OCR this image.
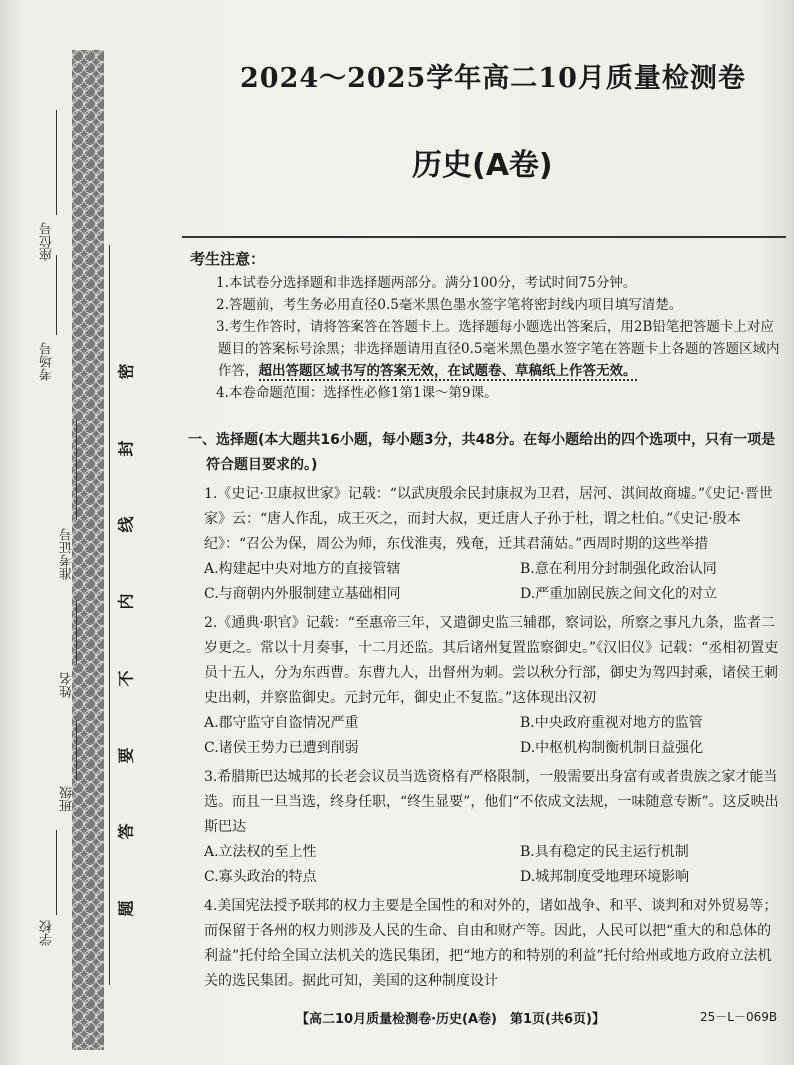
座位号
考场号
准考证号
姓名
班级
学校
密
封
线
内
不
要
答
题
2024～2025学年高二10月质量检测卷
历史(A卷)
考生注意：
1.本试卷分选择题和非选择题两部分。满分100分，考试时间75分钟。
2.答题前，考生务必用直径0.5毫米黑色墨水签字笔将密封线内项目填写清楚。
3.考生作答时，请将答案答在答题卡上。选择题每小题选出答案后，用2B铅笔把答题卡上对应题目的答案标号涂黑；非选择题请用直径0.5毫米黑色墨水签字笔在答题卡上各题的答题区域内作答，超出答题区域书写的答案无效，在试题卷、草稿纸上作答无效。
4.本卷命题范围：选择性必修1第1课～第9课。
一、选择题(本大题共16小题，每小题3分，共48分。在每小题给出的四个选项中，只有一项是
符合题目要求的。)
1.《史记·卫康叔世家》记载：“以武庚殷余民封康叔为卫君，居河、淇间故商墟。”《史记·晋世家》云：“唐人作乱，成王灭之，而封大叔，更迁唐人子孙于杜，谓之杜伯。”《史记·殷本纪》：“召公为保，周公为师，东伐淮夷，残奄，迁其君蒲姑。”西周时期的这些举措
A.构建起中央对地方的直接管辖	B.意在利用分封制强化政治认同
C.与商朝内外服制建立基础相同	D.严重加剧民族之间文化的对立
2.《通典·职官》记载：“至惠帝三年，又遣御史监三辅郡，察词讼，所察之事凡九条，监者二岁更之。常以十月奏事，十二月还监。其后诸州复置监察御史。”《汉旧仪》记载：“丞相初置吏员十五人，分为东西曹。东曹九人，出督州为刺。尝以秋分行部，御史为驾四封乘，诸侯王刺史出刺，并察监御史。元封元年，御史止不复监。”这体现出汉初
A.郡守监守自盗情况严重	B.中央政府重视对地方的监管
C.诸侯王势力已遭到削弱	D.中枢机构制衡机制日益强化
3.希腊斯巴达城邦的长老会议员当选资格有严格限制，一般需要出身富有或者贵族之家才能当选。而且一旦当选，终身任职，“终生显要”，他们“不依成文法规，一味随意专断”。这反映出斯巴达
A.立法权的至上性	B.具有稳定的民主运行机制
C.寡头政治的特点	D.城邦制度受地理环境影响
4.美国宪法授予联邦的权力主要是全国性的和对外的，诸如战争、和平、谈判和对外贸易等；而保留于各州的权力则涉及人民的生命、自由和财产等。因此，人民可以把“重大的和总体的利益”托付给全国立法机关的选民集团，把“地方的和特别的利益”托付给州或地方政府立法机关的选民集团。据此可知，美国的这种制度设计
【高二10月质量检测卷·历史(A卷)　第1页(共6页)】	25－L－069B
